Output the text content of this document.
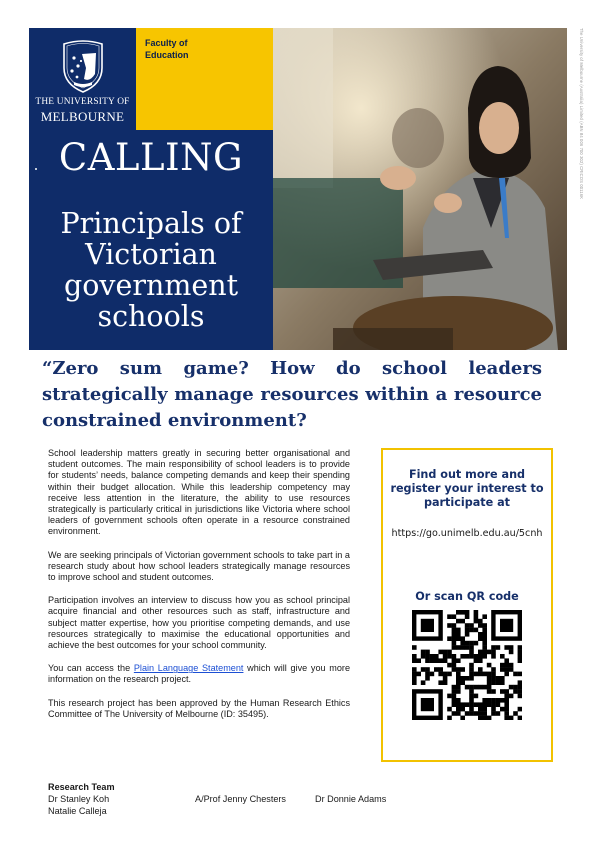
The University of Melbourne (Australia) Limited (ABN 84 006 700 302) CRICOS 00116K
THE UNIVERSITY OF
MELBOURNE
Faculty of
Education
CALLING
Principals of
Victorian
government
schools
“Zero sum game? How do school leaders strategically manage resources within a resource constrained environment?

School leadership matters greatly in securing better organisational and student outcomes. The main responsibility of school leaders is to provide for students’ needs, balance competing demands and keep their spending within their budget allocation. While this leadership competency may receive less attention in the literature, the ability to use resources strategically is particularly critical in jurisdictions like Victoria where school leaders of government schools often operate in a resource constrained environment.

We are seeking principals of Victorian government schools to take part in a research study about how school leaders strategically manage resources to improve school and student outcomes.

Participation involves an interview to discuss how you as school principal acquire financial and other resources such as staff, infrastructure and subject matter expertise, how you prioritise competing demands, and use resources strategically to maximise the educational opportunities and achieve the best outcomes for your school community.

You can access the Plain Language Statement which will give you more information on the research project.

This research project has been approved by the Human Research Ethics Committee of The University of Melbourne (ID: 35495).

Research Team
Dr Stanley Koh	A/Prof Jenny Chesters	Dr Donnie Adams
Natalie Calleja
Find out more and
register your interest to
participate at
https://go.unimelb.edu.au/5cnh
Or scan QR code
